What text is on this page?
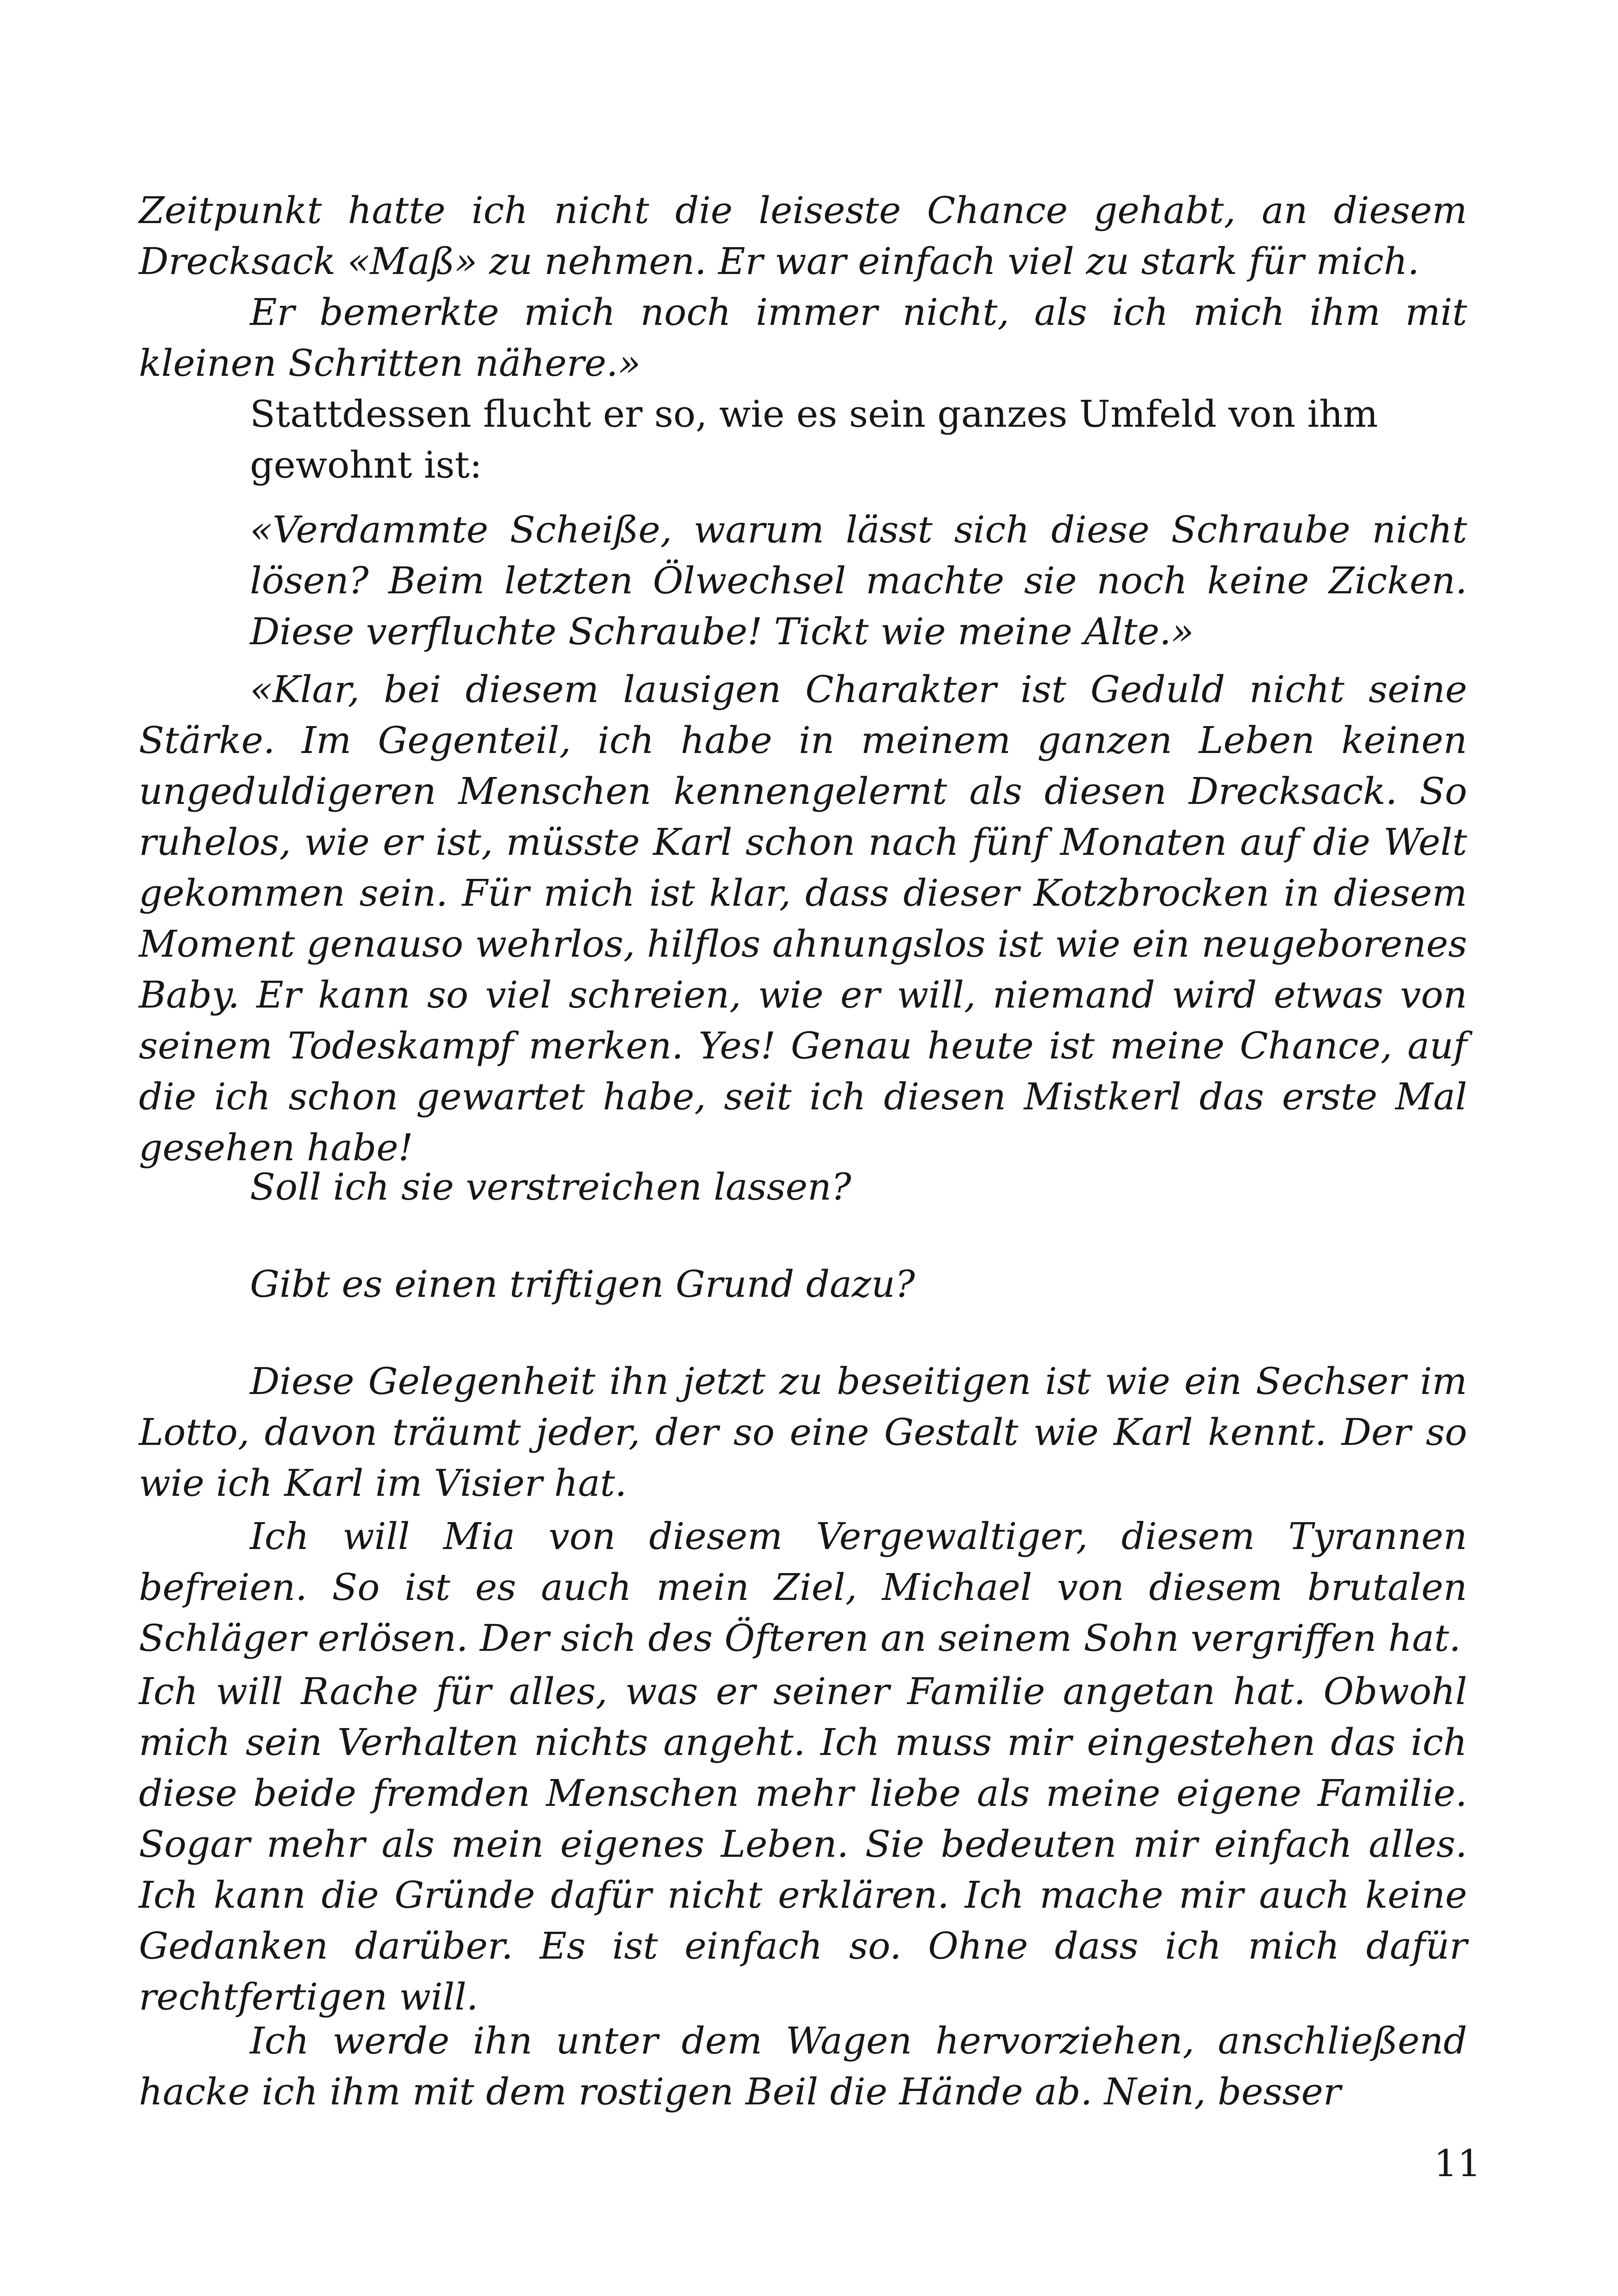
Zeitpunkt hatte ich nicht die leiseste Chance gehabt, an diesem Drecksack «Maß» zu nehmen. Er war einfach viel zu stark für mich.

Er bemerkte mich noch immer nicht, als ich mich ihm mit kleinen Schritten nähere.»

Stattdessen flucht er so, wie es sein ganzes Umfeld von ihm gewohnt ist:

«Verdammte Scheiße, warum lässt sich diese Schraube nicht lösen? Beim letzten Ölwechsel machte sie noch keine Zicken. Diese verfluchte Schraube! Tickt wie meine Alte.»

«Klar, bei diesem lausigen Charakter ist Geduld nicht seine Stärke. Im Gegenteil, ich habe in meinem ganzen Leben keinen ungeduldigeren Menschen kennengelernt als diesen Drecksack. So ruhelos, wie er ist, müsste Karl schon nach fünf Monaten auf die Welt gekommen sein. Für mich ist klar, dass dieser Kotzbrocken in diesem Moment genauso wehrlos, hilflos ahnungslos ist wie ein neugeborenes Baby. Er kann so viel schreien, wie er will, niemand wird etwas von seinem Todeskampf merken. Yes! Genau heute ist meine Chance, auf die ich schon gewartet habe, seit ich diesen Mistkerl das erste Mal gesehen habe!

Soll ich sie verstreichen lassen?

Gibt es einen triftigen Grund dazu?

Diese Gelegenheit ihn jetzt zu beseitigen ist wie ein Sechser im Lotto, davon träumt jeder, der so eine Gestalt wie Karl kennt. Der so wie ich Karl im Visier hat.

Ich will Mia von diesem Vergewaltiger, diesem Tyrannen befreien. So ist es auch mein Ziel, Michael von diesem brutalen Schläger erlösen. Der sich des Öfteren an seinem Sohn vergriffen hat.

Ich will Rache für alles, was er seiner Familie angetan hat. Obwohl mich sein Verhalten nichts angeht. Ich muss mir eingestehen das ich diese beide fremden Menschen mehr liebe als meine eigene Familie. Sogar mehr als mein eigenes Leben. Sie bedeuten mir einfach alles. Ich kann die Gründe dafür nicht erklären. Ich mache mir auch keine Gedanken darüber. Es ist einfach so. Ohne dass ich mich dafür rechtfertigen will.

Ich werde ihn unter dem Wagen hervorziehen, anschließend hacke ich ihm mit dem rostigen Beil die Hände ab. Nein, besser

11
